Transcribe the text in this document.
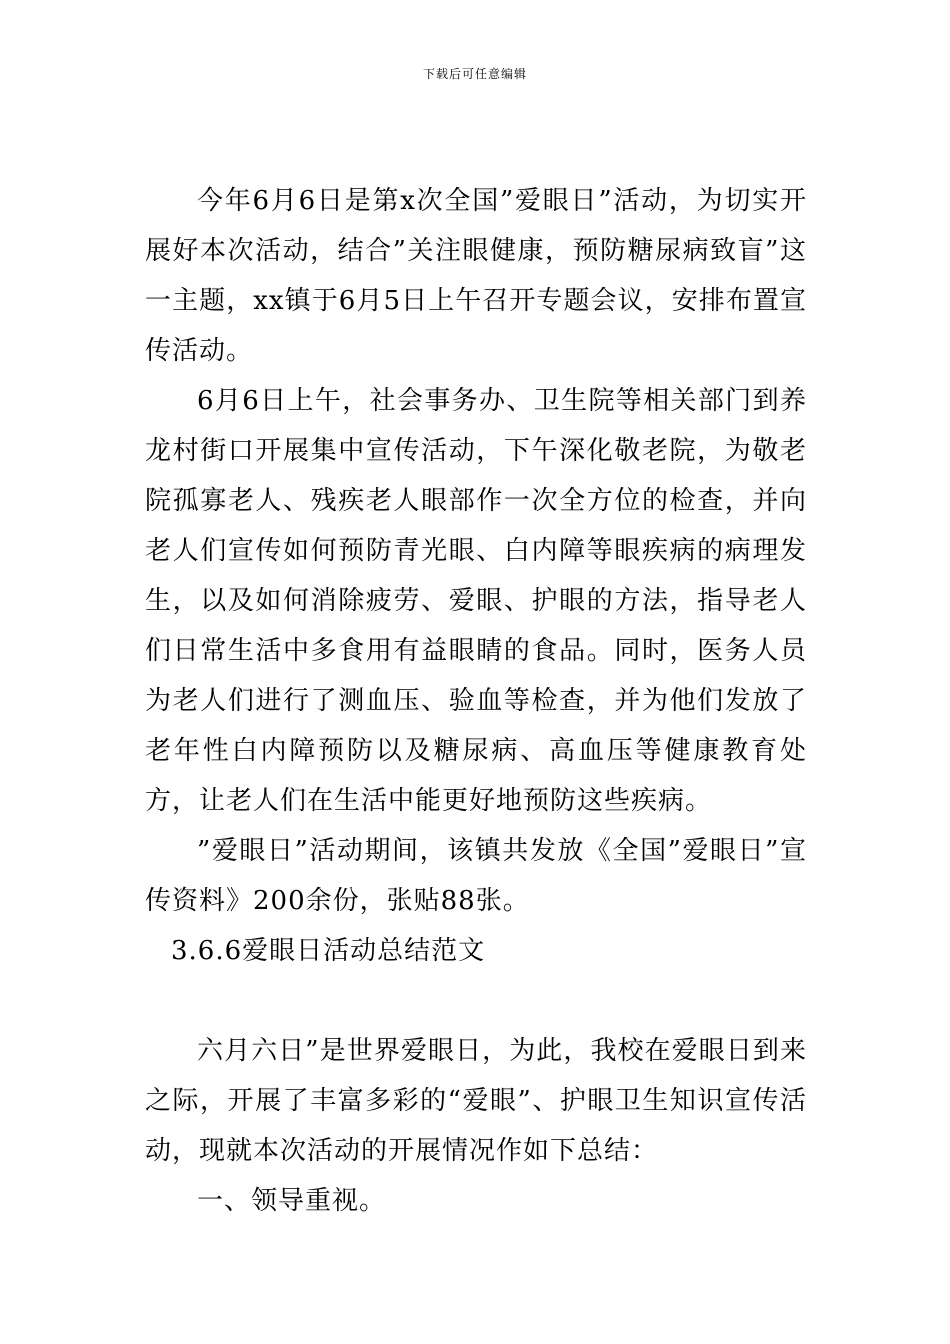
下载后可任意编辑

今年6月6日是第x次全国”爱眼日”活动，为切实开展好本次活动，结合”关注眼健康，预防糖尿病致盲”这一主题，xx镇于6月5日上午召开专题会议，安排布置宣传活动。

6月6日上午，社会事务办、卫生院等相关部门到养龙村街口开展集中宣传活动，下午深化敬老院，为敬老院孤寡老人、残疾老人眼部作一次全方位的检查，并向老人们宣传如何预防青光眼、白内障等眼疾病的病理发生，以及如何消除疲劳、爱眼、护眼的方法，指导老人们日常生活中多食用有益眼睛的食品。同时，医务人员为老人们进行了测血压、验血等检查，并为他们发放了老年性白内障预防以及糖尿病、高血压等健康教育处方，让老人们在生活中能更好地预防这些疾病。

”爱眼日”活动期间，该镇共发放《全国”爱眼日”宣传资料》200余份，张贴88张。

3.6.6爱眼日活动总结范文

六月六日”是世界爱眼日，为此，我校在爱眼日到来之际，开展了丰富多彩的“爱眼”、护眼卫生知识宣传活动，现就本次活动的开展情况作如下总结：

一、领导重视。
